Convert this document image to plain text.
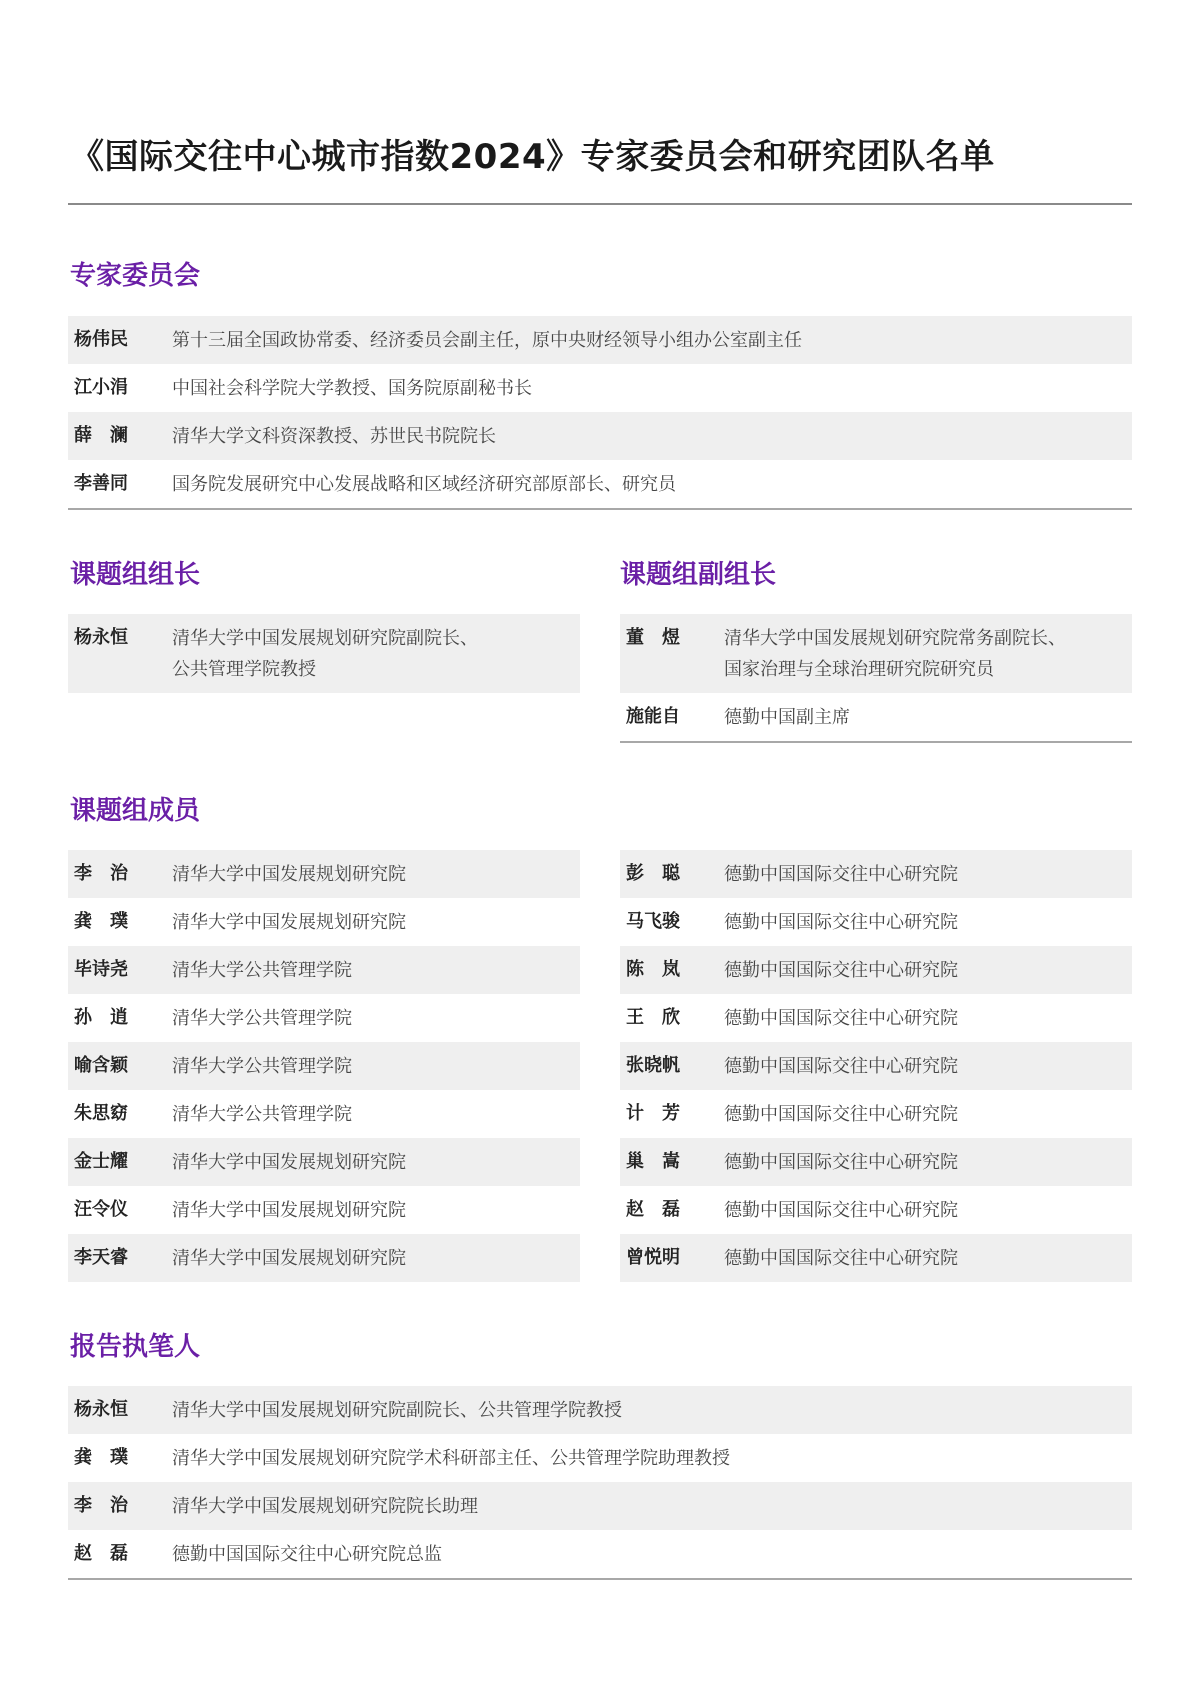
《国际交往中心城市指数2024》专家委员会和研究团队名单
专家委员会
杨伟民	第十三届全国政协常委、经济委员会副主任，原中央财经领导小组办公室副主任
江小涓	中国社会科学院大学教授、国务院原副秘书长
薛　澜	清华大学文科资深教授、苏世民书院院长
李善同	国务院发展研究中心发展战略和区域经济研究部原部长、研究员
课题组组长
杨永恒	清华大学中国发展规划研究院副院长、
公共管理学院教授
课题组副组长
董　煜	清华大学中国发展规划研究院常务副院长、
国家治理与全球治理研究院研究员
施能自	德勤中国副主席
课题组成员
李　治	清华大学中国发展规划研究院
龚　璞	清华大学中国发展规划研究院
毕诗尧	清华大学公共管理学院
孙　逍	清华大学公共管理学院
喻含颖	清华大学公共管理学院
朱思窈	清华大学公共管理学院
金士耀	清华大学中国发展规划研究院
汪令仪	清华大学中国发展规划研究院
李天睿	清华大学中国发展规划研究院
彭　聪	德勤中国国际交往中心研究院
马飞骏	德勤中国国际交往中心研究院
陈　岚	德勤中国国际交往中心研究院
王　欣	德勤中国国际交往中心研究院
张晓帆	德勤中国国际交往中心研究院
计　芳	德勤中国国际交往中心研究院
巢　嵩	德勤中国国际交往中心研究院
赵　磊	德勤中国国际交往中心研究院
曾悦明	德勤中国国际交往中心研究院
报告执笔人
杨永恒	清华大学中国发展规划研究院副院长、公共管理学院教授
龚　璞	清华大学中国发展规划研究院学术科研部主任、公共管理学院助理教授
李　治	清华大学中国发展规划研究院院长助理
赵　磊	德勤中国国际交往中心研究院总监
